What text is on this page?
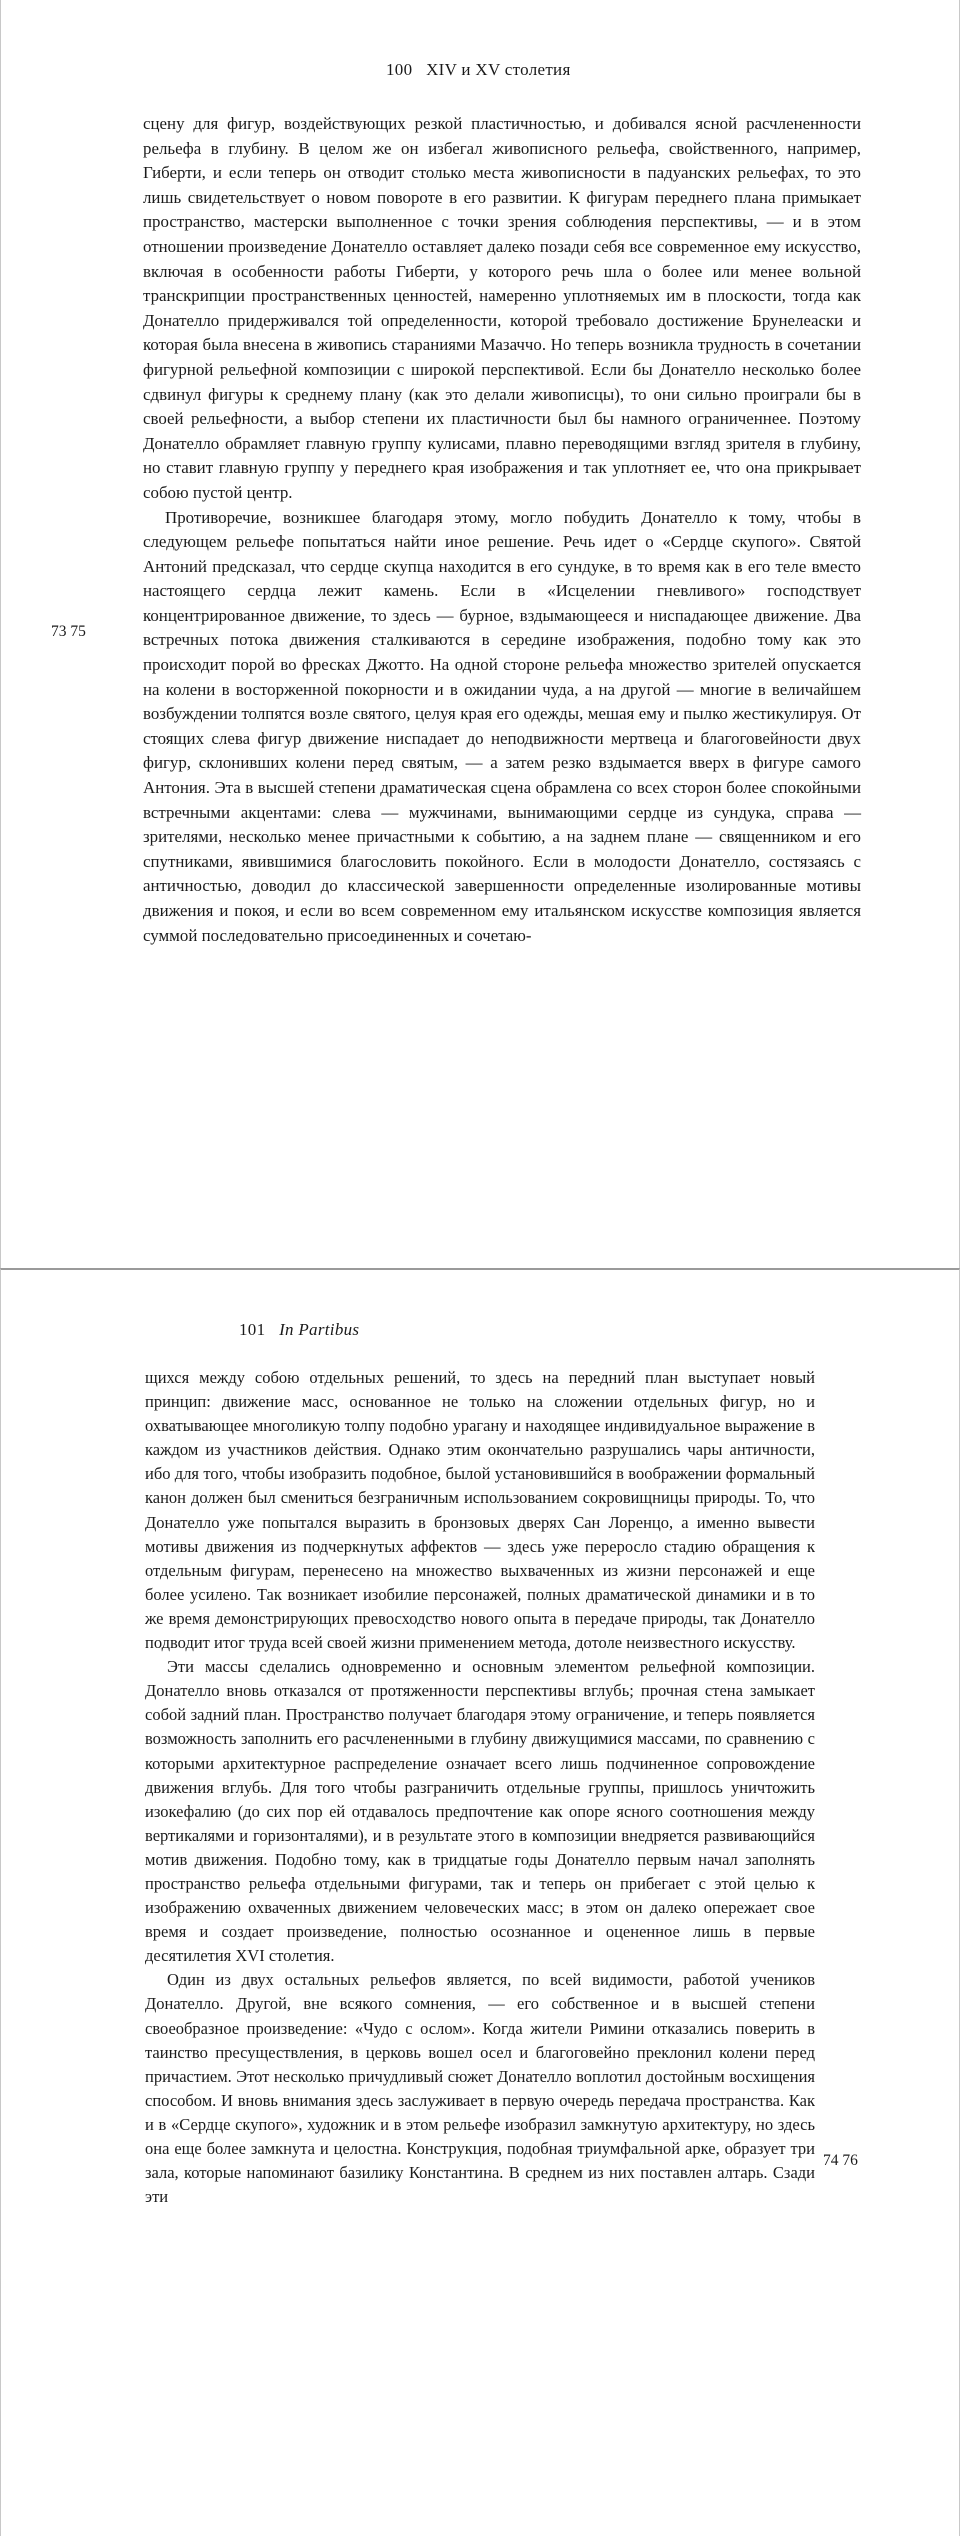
100 XIV и XV столетия

сцену для фигур, воздействующих резкой пластичностью, и добивался ясной расчлененности рельефа в глубину. В целом же он избегал живописного рельефа, свойственного, например, Гиберти, и если теперь он отводит столько места живописности в падуанских рельефах, то это лишь свидетельствует о новом повороте в его развитии. К фигурам переднего плана примыкает пространство, мастерски выполненное с точки зрения соблюдения перспективы, — и в этом отношении произведение Донателло оставляет далеко позади себя все современное ему искусство, включая в особенности работы Гиберти, у которого речь шла о более или менее вольной транскрипции пространственных ценностей, намеренно уплотняемых им в плоскости, тогда как Донателло придерживался той определенности, которой требовало достижение Брунелеaски и которая была внесена в живопись стараниями Мазаччо. Но теперь возникла трудность в сочетании фигурной рельефной композиции с широкой перспективой. Если бы Донателло несколько более сдвинул фигуры к среднему плану (как это делали живописцы), то они сильно проиграли бы в своей рельефности, а выбор степени их пластичности был бы намного ограниченнее. Поэтому Донателло обрамляет главную группу кулисами, плавно переводящими взгляд зрителя в глубину, но ставит главную группу у переднего края изображения и так уплотняет ее, что она прикрывает собою пустой центр.

Противоречие, возникшее благодаря этому, могло побудить Донателло к тому, чтобы в следующем рельефе попытаться найти иное решение. Речь идет о «Сердце скупого». Святой Антоний предсказал, что сердце скупца находится в его сундуке, в то время как в его теле вместо настоящего сердца лежит камень. Если в «Исцелении гневливого» господствует концентрированное движение, то здесь — бурное, вздымающееся и ниспадающее движение. Два встречных потока движения сталкиваются в середине изображения, подобно тому как это происходит порой во фресках Джотто. На одной стороне рельефа множество зрителей опускается на колени в восторженной покорности и в ожидании чуда, а на другой — многие в величайшем возбуждении толпятся возле святого, целуя края его одежды, мешая ему и пылко жестикулируя. От стоящих слева фигур движение ниспадает до неподвижности мертвеца и благоговейности двух фигур, склонивших колени перед святым, — а затем резко вздымается вверх в фигуре самого Антония. Эта в высшей степени драматическая сцена обрамлена со всех сторон более спокойными встречными акцентами: слева — мужчинами, вынимающими сердце из сундука, справа — зрителями, несколько менее причастными к событию, а на заднем плане — священником и его спутниками, явившимися благословить покойного. Если в молодости Донателло, состязаясь с античностью, доводил до классической завершенности определенные изолированные мотивы движения и покоя, и если во всем современном ему итальянском искусстве композиция является суммой последовательно присоединенных и сочетаю-

73 75
101 In Partibus

щихся между собою отдельных решений, то здесь на передний план выступает новый принцип: движение масс, основанное не только на сложении отдельных фигур, но и охватывающее многоликую толпу подобно урагану и находящее индивидуальное выражение в каждом из участников действия. Однако этим окончательно разрушались чары античности, ибо для того, чтобы изобразить подобное, былой установившийся в воображении формальный канон должен был смениться безграничным использованием сокровищницы природы. То, что Донателло уже попытался выразить в бронзовых дверях Сан Лоренцо, а именно вывести мотивы движения из подчеркнутых аффектов — здесь уже переросло стадию обращения к отдельным фигурам, перенесено на множество выхваченных из жизни персонажей и еще более усилено. Так возникает изобилие персонажей, полных драматической динамики и в то же время демонстрирующих превосходство нового опыта в передаче природы, так Донателло подводит итог труда всей своей жизни применением метода, дотоле неизвестного искусству.

Эти массы сделались одновременно и основным элементом рельефной композиции. Донателло вновь отказался от протяженности перспективы вглубь; прочная стена замыкает собой задний план. Пространство получает благодаря этому ограничение, и теперь появляется возможность заполнить его расчлененными в глубину движущимися массами, по сравнению с которыми архитектурное распределение означает всего лишь подчиненное сопровождение движения вглубь. Для того чтобы разграничить отдельные группы, пришлось уничтожить изокефалию (до сих пор ей отдавалось предпочтение как опоре ясного соотношения между вертикалями и горизонталями), и в результате этого в композиции внедряется развивающийся мотив движения. Подобно тому, как в тридцатые годы Донателло первым начал заполнять пространство рельефа отдельными фигурами, так и теперь он прибегает с этой целью к изображению охваченных движением человеческих масс; в этом он далеко опережает свое время и создает произведение, полностью осознанное и оцененное лишь в первые десятилетия XVI столетия.

Один из двух остальных рельефов является, по всей видимости, работой учеников Донателло. Другой, вне всякого сомнения, — его собственное и в высшей степени своеобразное произведение: «Чудо с ослом». Когда жители Римини отказались поверить в таинство пресуществления, в церковь вошел осел и благоговейно преклонил колени перед причастием. Этот несколько причудливый сюжет Донателло воплотил достойным восхищения способом. И вновь внимания здесь заслуживает в первую очередь передача пространства. Как и в «Сердце скупого», художник и в этом рельефе изобразил замкнутую архитектуру, но здесь она еще более замкнута и целостна. Конструкция, подобная триумфальной арке, образует три зала, которые напоминают базилику Константина. В среднем из них поставлен алтарь. Сзади эти

74 76
